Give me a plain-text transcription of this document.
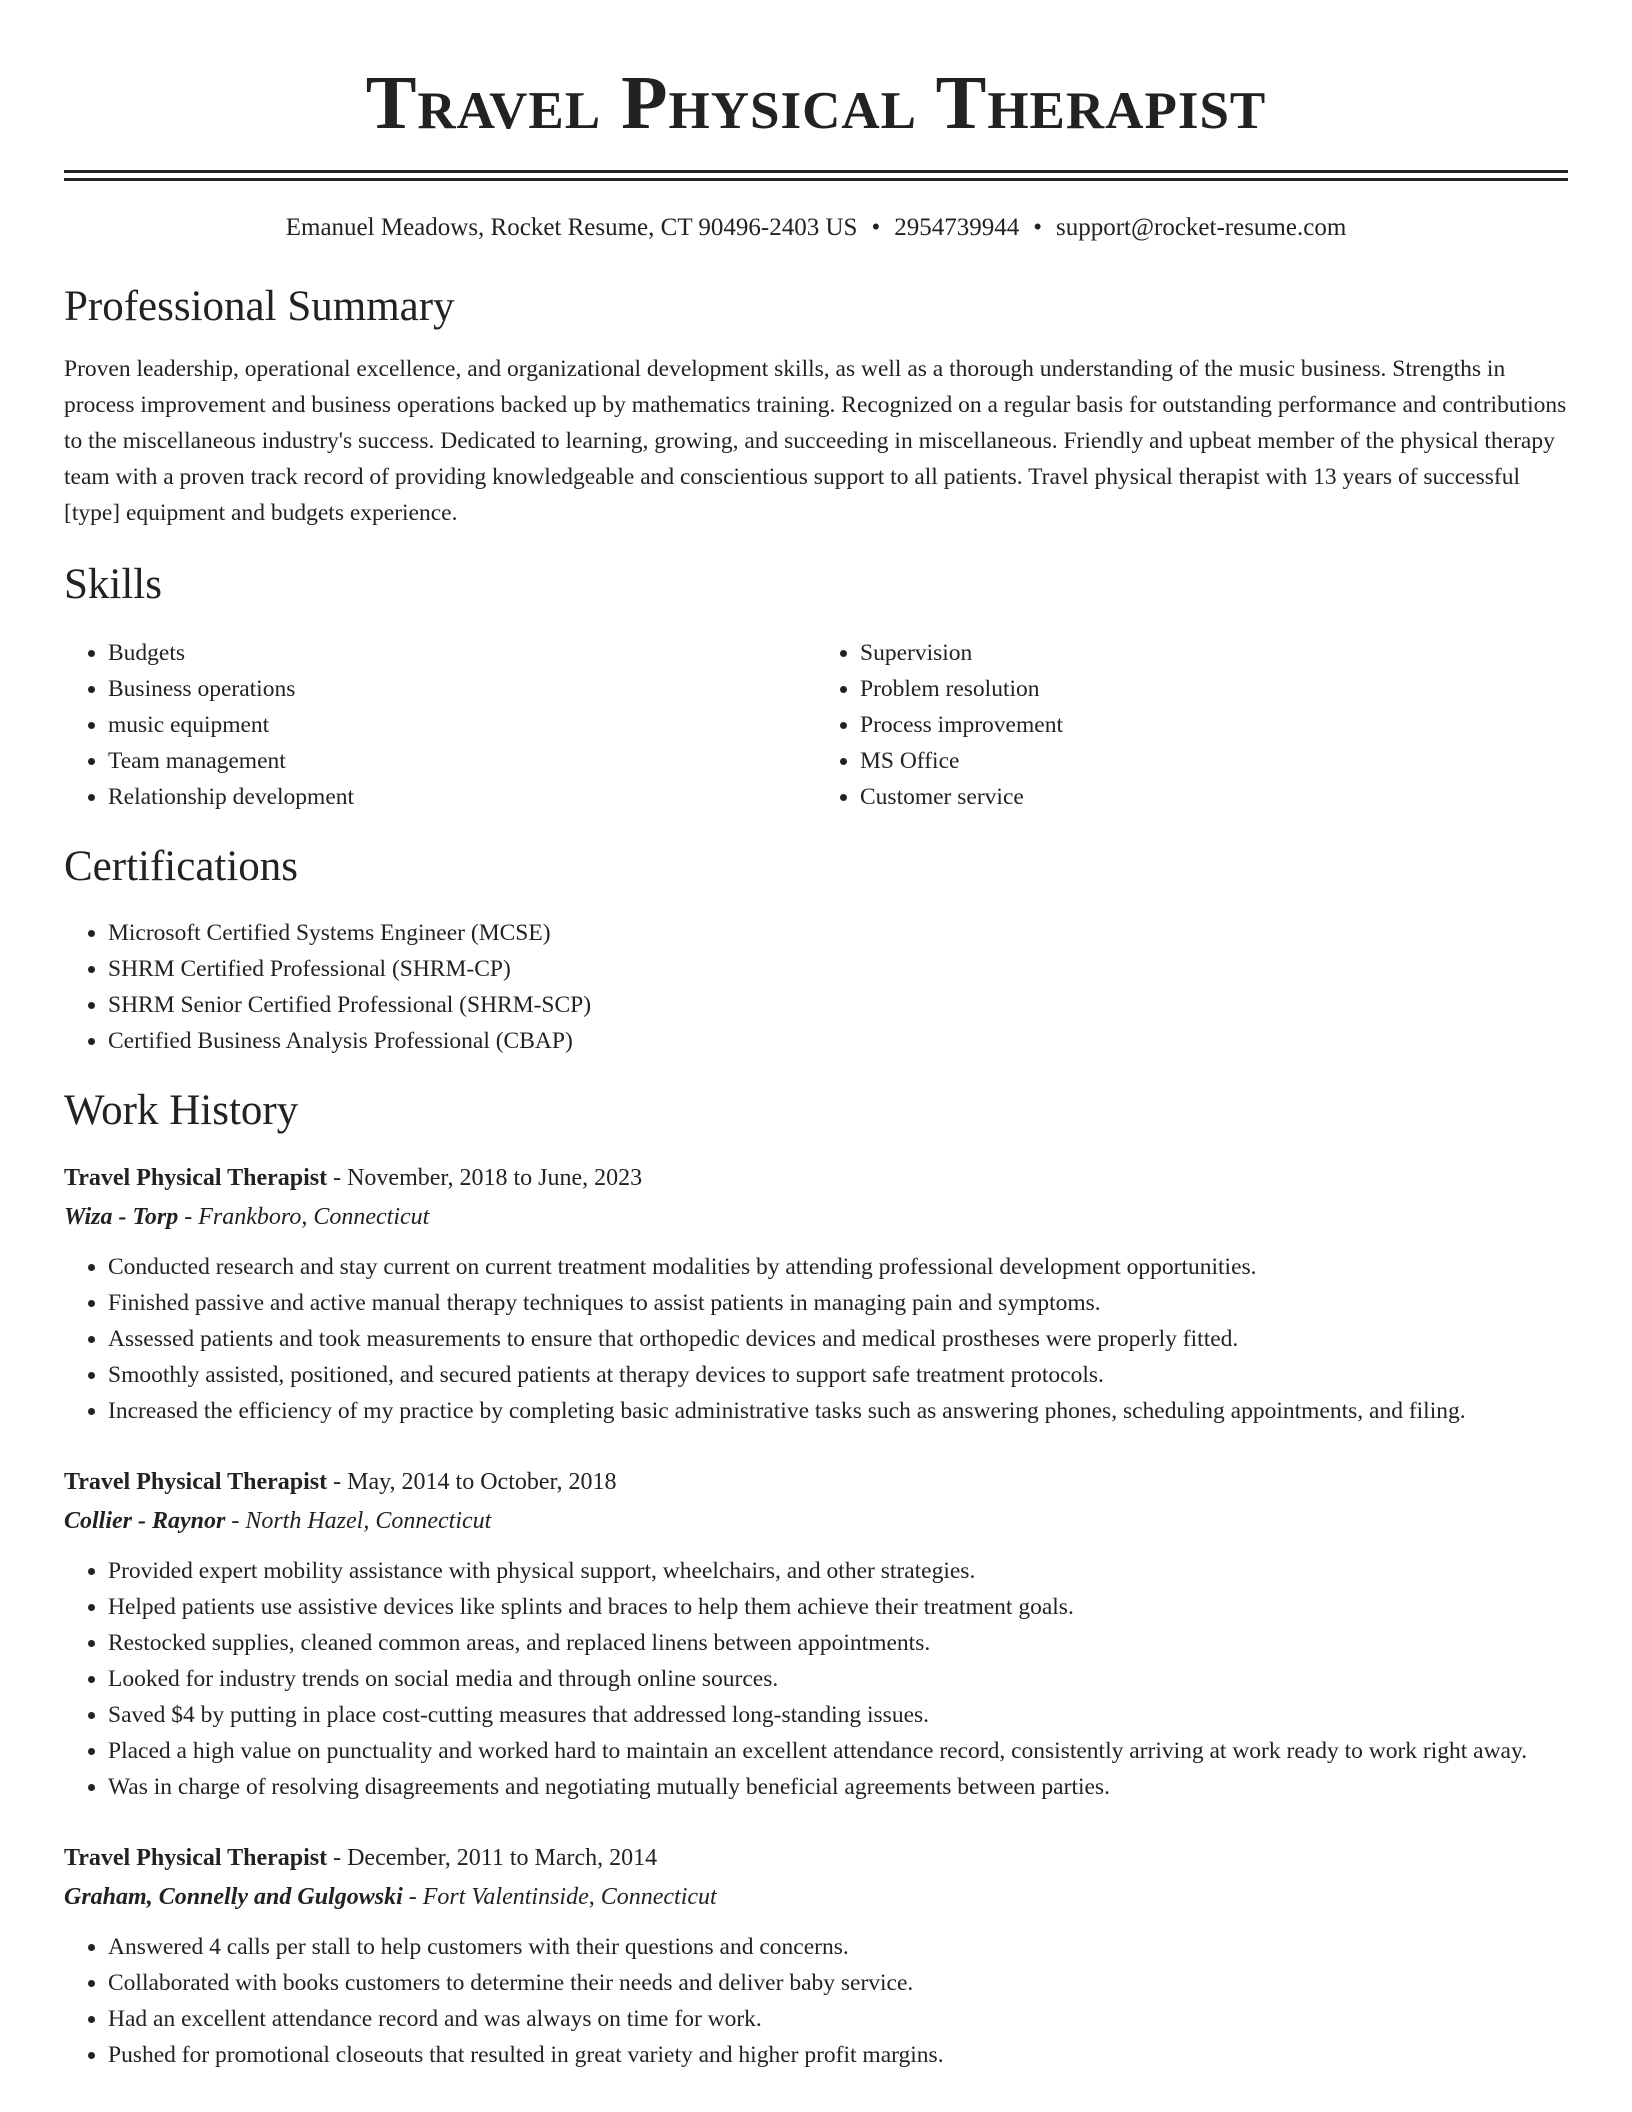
Travel Physical Therapist
Emanuel Meadows, Rocket Resume, CT 90496-2403 US • 2954739944 • support@rocket-resume.com
Professional Summary

Proven leadership, operational excellence, and organizational development skills, as well as a thorough understanding of the music business. Strengths in process improvement and business operations backed up by mathematics training. Recognized on a regular basis for outstanding performance and contributions to the miscellaneous industry's success. Dedicated to learning, growing, and succeeding in miscellaneous. Friendly and upbeat member of the physical therapy team with a proven track record of providing knowledgeable and conscientious support to all patients. Travel physical therapist with 13 years of successful [type] equipment and budgets experience.

Skills
• Budgets
• Business operations
• music equipment
• Team management
• Relationship development
• Supervision
• Problem resolution
• Process improvement
• MS Office
• Customer service
Certifications
• Microsoft Certified Systems Engineer (MCSE)
• SHRM Certified Professional (SHRM-CP)
• SHRM Senior Certified Professional (SHRM-SCP)
• Certified Business Analysis Professional (CBAP)
Work History
Travel Physical Therapist - November, 2018 to June, 2023
Wiza - Torp - Frankboro, Connecticut
• Conducted research and stay current on current treatment modalities by attending professional development opportunities.
• Finished passive and active manual therapy techniques to assist patients in managing pain and symptoms.
• Assessed patients and took measurements to ensure that orthopedic devices and medical prostheses were properly fitted.
• Smoothly assisted, positioned, and secured patients at therapy devices to support safe treatment protocols.
• Increased the efficiency of my practice by completing basic administrative tasks such as answering phones, scheduling appointments, and filing.
Travel Physical Therapist - May, 2014 to October, 2018
Collier - Raynor - North Hazel, Connecticut
• Provided expert mobility assistance with physical support, wheelchairs, and other strategies.
• Helped patients use assistive devices like splints and braces to help them achieve their treatment goals.
• Restocked supplies, cleaned common areas, and replaced linens between appointments.
• Looked for industry trends on social media and through online sources.
• Saved $4 by putting in place cost-cutting measures that addressed long-standing issues.
• Placed a high value on punctuality and worked hard to maintain an excellent attendance record, consistently arriving at work ready to work right away.
• Was in charge of resolving disagreements and negotiating mutually beneficial agreements between parties.
Travel Physical Therapist - December, 2011 to March, 2014
Graham, Connelly and Gulgowski - Fort Valentinside, Connecticut
• Answered 4 calls per stall to help customers with their questions and concerns.
• Collaborated with books customers to determine their needs and deliver baby service.
• Had an excellent attendance record and was always on time for work.
• Pushed for promotional closeouts that resulted in great variety and higher profit margins.
